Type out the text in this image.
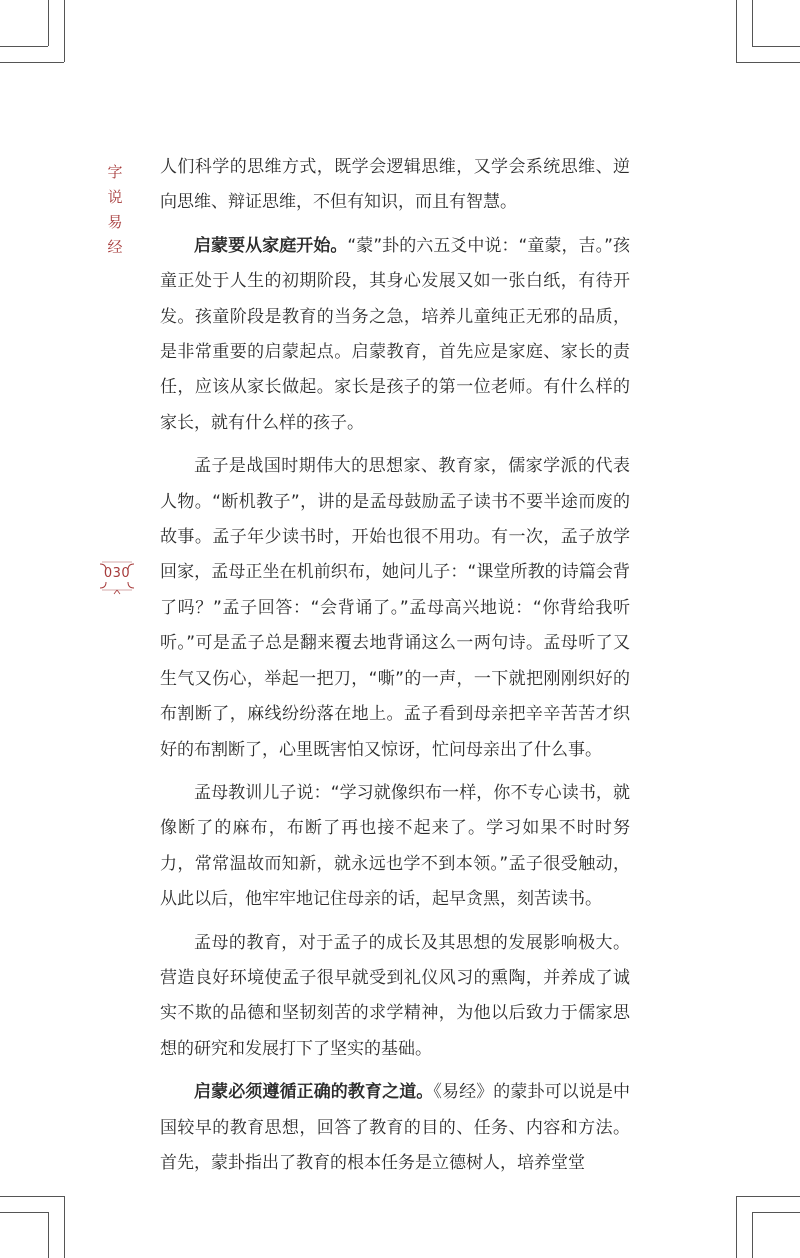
字
说
易
经
030

人们科学的思维方式，既学会逻辑思维，又学会系统思维、逆向思维、辩证思维，不但有知识，而且有智慧。

启蒙要从家庭开始。“蒙”卦的六五爻中说：“童蒙，吉。”孩童正处于人生的初期阶段，其身心发展又如一张白纸，有待开发。孩童阶段是教育的当务之急，培养儿童纯正无邪的品质，是非常重要的启蒙起点。启蒙教育，首先应是家庭、家长的责任，应该从家长做起。家长是孩子的第一位老师。有什么样的家长，就有什么样的孩子。

孟子是战国时期伟大的思想家、教育家，儒家学派的代表人物。“断机教子”，讲的是孟母鼓励孟子读书不要半途而废的故事。孟子年少读书时，开始也很不用功。有一次，孟子放学回家，孟母正坐在机前织布，她问儿子：“课堂所教的诗篇会背了吗？”孟子回答：“会背诵了。”孟母高兴地说：“你背给我听听。”可是孟子总是翻来覆去地背诵这么一两句诗。孟母听了又生气又伤心，举起一把刀，“嘶”的一声，一下就把刚刚织好的布割断了，麻线纷纷落在地上。孟子看到母亲把辛辛苦苦才织好的布割断了，心里既害怕又惊讶，忙问母亲出了什么事。

孟母教训儿子说：“学习就像织布一样，你不专心读书，就像断了的麻布，布断了再也接不起来了。学习如果不时时努力，常常温故而知新，就永远也学不到本领。”孟子很受触动，从此以后，他牢牢地记住母亲的话，起早贪黑，刻苦读书。

孟母的教育，对于孟子的成长及其思想的发展影响极大。营造良好环境使孟子很早就受到礼仪风习的熏陶，并养成了诚实不欺的品德和坚韧刻苦的求学精神，为他以后致力于儒家思想的研究和发展打下了坚实的基础。

启蒙必须遵循正确的教育之道。《易经》的蒙卦可以说是中国较早的教育思想，回答了教育的目的、任务、内容和方法。首先，蒙卦指出了教育的根本任务是立德树人，培养堂堂
